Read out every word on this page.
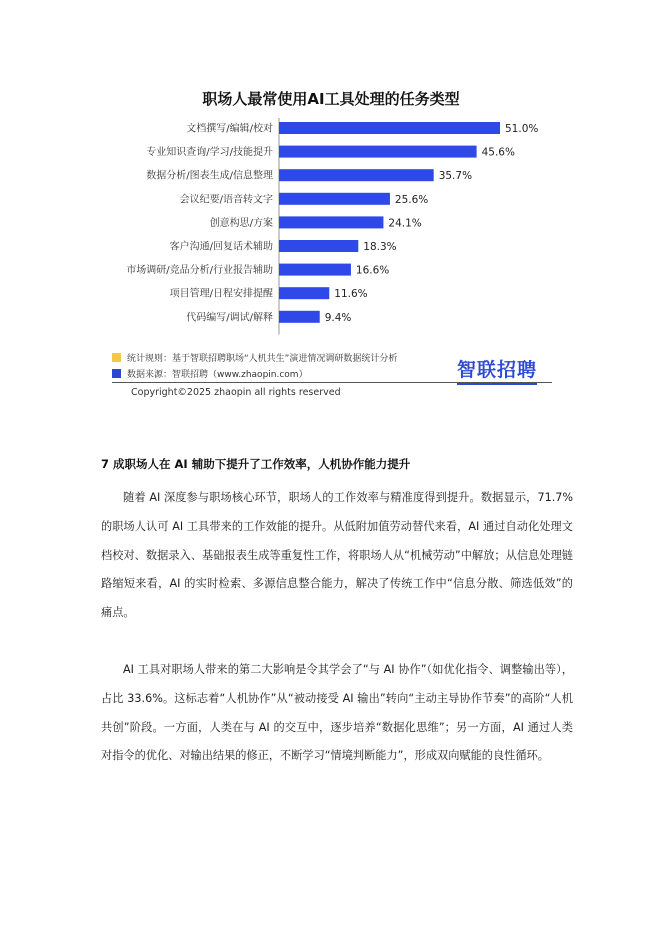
职场人最常使用AI工具处理的任务类型
文档撰写/编辑/校对	51.0%
专业知识查询/学习/技能提升	45.6%
数据分析/图表生成/信息整理	35.7%
会议纪要/语音转文字	25.6%
创意构思/方案	24.1%
客户沟通/回复话术辅助	18.3%
市场调研/竞品分析/行业报告辅助	16.6%
项目管理/日程安排提醒	11.6%
代码编写/调试/解释	9.4%
统计规则：基于智联招聘职场“人机共生”演进情况调研数据统计分析
数据来源：智联招聘（www.zhaopin.com）	智联招聘
Copyright©2025 zhaopin all rights reserved
7 成职场人在 AI 辅助下提升了工作效率，人机协作能力提升

随着 AI 深度参与职场核心环节，职场人的工作效率与精准度得到提升。数据显示，71.7%的职场人认可 AI 工具带来的工作效能的提升。从低附加值劳动替代来看，AI 通过自动化处理文档校对、数据录入、基础报表生成等重复性工作，将职场人从“机械劳动”中解放；从信息处理链路缩短来看，AI 的实时检索、多源信息整合能力，解决了传统工作中“信息分散、筛选低效”的痛点。

AI 工具对职场人带来的第二大影响是令其学会了“与 AI 协作”（如优化指令、调整输出等），占比 33.6%。这标志着“人机协作”从“被动接受 AI 输出”转向“主动主导协作节奏”的高阶“人机共创”阶段。一方面，人类在与 AI 的交互中，逐步培养“数据化思维”；另一方面，AI 通过人类对指令的优化、对输出结果的修正，不断学习“情境判断能力”，形成双向赋能的良性循环。
